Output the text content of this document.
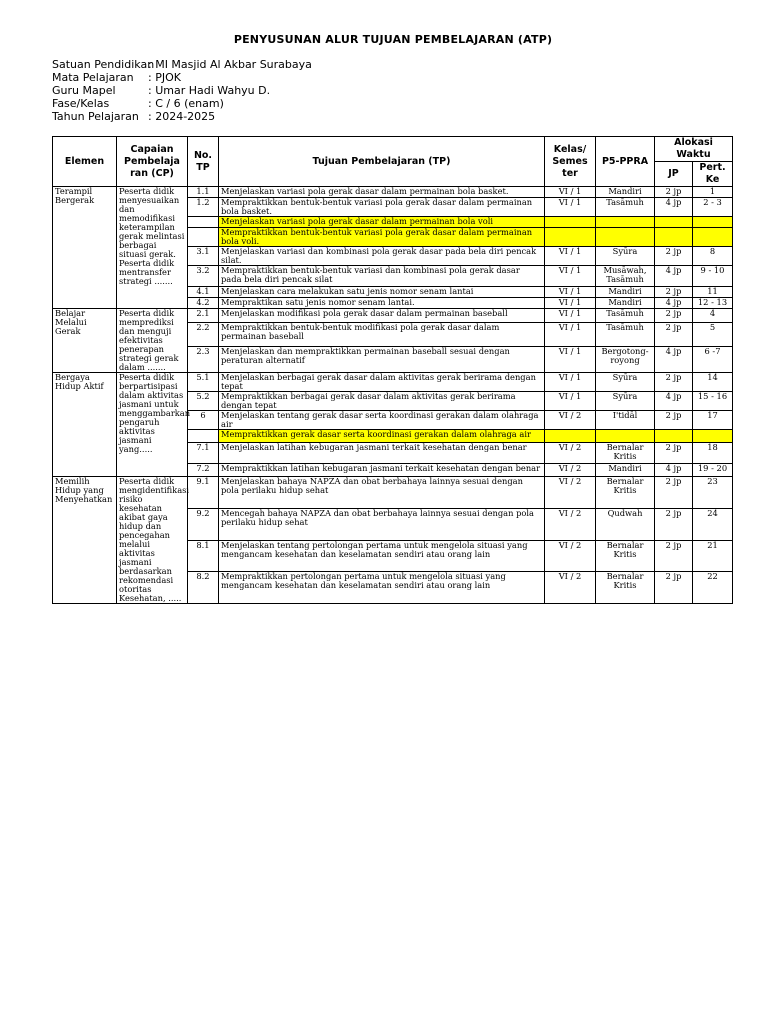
PENYUSUNAN ALUR TUJUAN PEMBELAJARAN (ATP)
Satuan Pendidikan
: MI Masjid Al Akbar Surabaya
Mata Pelajaran	: PJOK
Guru Mapel	: Umar Hadi Wahyu D.
Fase/Kelas	: C / 6 (enam)
Tahun Pelajaran : 2024-2025
Elemen	Capaian Pembelaja ran (CP)	No. TP	Tujuan Pembelajaran (TP)	Kelas/ Semes ter	P5-PPRA	Alokasi Waktu	
						JP	Pert. Ke
Terampil Bergerak	Peserta didik menyesuaikan dan memodifikasi keterampilan gerak melintasi berbagai situasi gerak. Peserta didik mentransfer strategi .......	1.1	Menjelaskan variasi pola gerak dasar dalam permainan bola basket.	VI / 1	Mandiri	2 jp	1
		1.2	Mempraktikkan bentuk-bentuk variasi pola gerak dasar dalam permainan bola basket.	VI / 1	Tasāmuh	4 jp	2 - 3
			Menjelaskan variasi pola gerak dasar dalam permainan bola voli				
			Mempraktikkan bentuk-bentuk variasi pola gerak dasar dalam permainan bola voli.				
		3.1	Menjelaskan variasi dan kombinasi pola gerak dasar pada bela diri pencak silat.	VI / 1	Syūra	2 jp	8
		3.2	Mempraktikkan bentuk-bentuk variasi dan kombinasi pola gerak dasar pada bela diri pencak silat	VI / 1	Musāwah, Tasāmuh	4 jp	9 - 10
		4.1	Menjelaskan cara melakukan satu jenis nomor senam lantai	VI / 1	Mandiri	2 jp	11
		4.2	Mempraktikan satu jenis nomor senam lantai.	VI / 1	Mandiri	4 jp	12 - 13
Belajar Melalui Gerak	Peserta didik memprediksi dan menguji efektivitas penerapan strategi gerak dalam .......	2.1	Menjelaskan modifikasi pola gerak dasar dalam permainan baseball	VI / 1	Tasāmuh	2 jp	4
		2.2	Mempraktikkan bentuk-bentuk modifikasi pola gerak dasar dalam permainan baseball	VI / 1	Tasāmuh	2 jp	5
		2.3	Menjelaskan dan mempraktikkan permainan baseball sesuai dengan peraturan alternatif	VI / 1	Bergotong-royong	4 jp	6 -7
Bergaya Hidup Aktif	Peserta didik berpartisipasi dalam aktivitas jasmani untuk menggambarkan pengaruh aktivitas jasmani yang.....	5.1	Menjelaskan berbagai gerak dasar dalam aktivitas gerak berirama dengan tepat	VI / 1	Syūra	2 jp	14
		5.2	Mempraktikkan berbagai gerak dasar dalam aktivitas gerak berirama dengan tepat	VI / 1	Syūra	4 jp	15 - 16
		6	Menjelaskan tentang gerak dasar serta koordinasi gerakan dalam olahraga air	VI / 2	I'tidāl	2 jp	17
			Mempraktikkan gerak dasar serta koordinasi gerakan dalam olahraga air				
		7.1	Menjelaskan latihan kebugaran jasmani terkait kesehatan dengan benar	VI / 2	Bernalar Kritis	2 jp	18
		7.2	Mempraktikkan latihan kebugaran jasmani terkait kesehatan dengan benar	VI / 2	Mandiri	4 jp	19 - 20
Memilih Hidup yang Menyehatkan	Peserta didik mengidentifikasi risiko kesehatan akibat gaya hidup dan pencegahan melalui aktivitas jasmani berdasarkan rekomendasi otoritas Kesehatan, .....	9.1	Menjelaskan bahaya NAPZA dan obat berbahaya lainnya sesuai dengan pola perilaku hidup sehat	VI / 2	Bernalar Kritis	2 jp	23
		9.2	Mencegah bahaya NAPZA dan obat berbahaya lainnya sesuai dengan pola perilaku hidup sehat	VI / 2	Qudwah	2 jp	24
		8.1	Menjelaskan tentang pertolongan pertama untuk mengelola situasi yang mengancam kesehatan dan keselamatan sendiri atau orang lain	VI / 2	Bernalar Kritis	2 jp	21
		8.2	Mempraktikkan pertolongan pertama untuk mengelola situasi yang mengancam kesehatan dan keselamatan sendiri atau orang lain	VI / 2	Bernalar Kritis	2 jp	22
